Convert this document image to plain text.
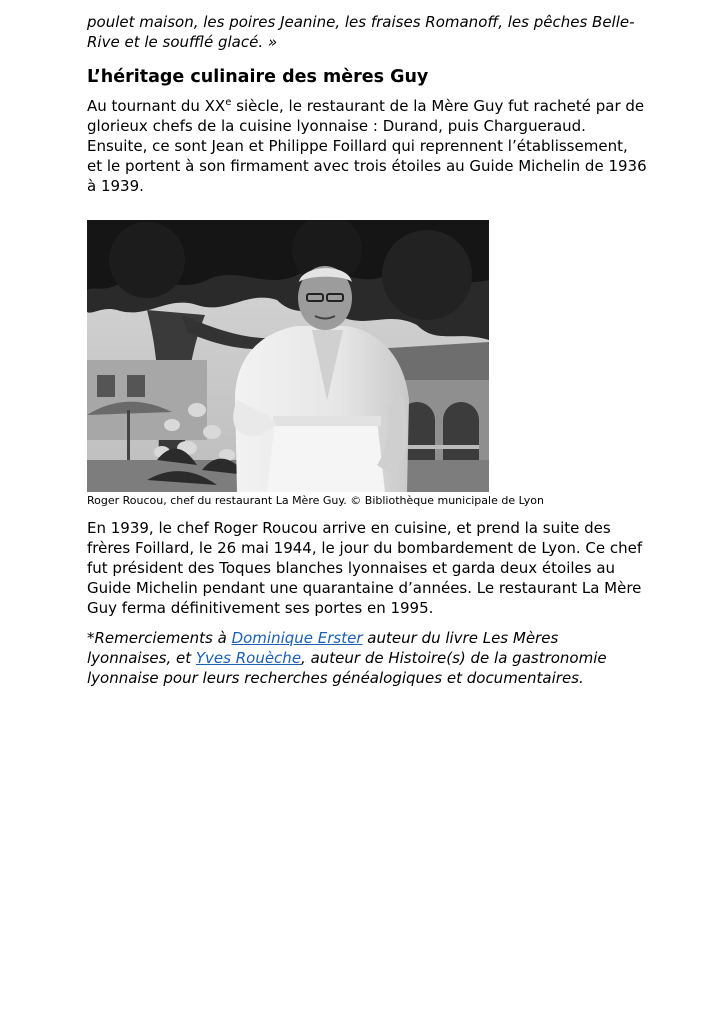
poulet maison, les poires Jeanine, les fraises Romanoff, les pêches Belle-Rive et le soufflé glacé. »

L’héritage culinaire des mères Guy

Au tournant du XXe siècle, le restaurant de la Mère Guy fut racheté par de glorieux chefs de la cuisine lyonnaise : Durand, puis Chargueraud. Ensuite, ce sont Jean et Philippe Foillard qui reprennent l’établissement, et le portent à son firmament avec trois étoiles au Guide Michelin de 1936 à 1939.

Roger Roucou, chef du restaurant La Mère Guy. © Bibliothèque municipale de Lyon

En 1939, le chef Roger Roucou arrive en cuisine, et prend la suite des frères Foillard, le 26 mai 1944, le jour du bombardement de Lyon. Ce chef fut président des Toques blanches lyonnaises et garda deux étoiles au Guide Michelin pendant une quarantaine d’années. Le restaurant La Mère Guy ferma définitivement ses portes en 1995.

*Remerciements à Dominique Erster auteur du livre Les Mères lyonnaises, et Yves Rouèche, auteur de Histoire(s) de la gastronomie lyonnaise pour leurs recherches généalogiques et documentaires.
